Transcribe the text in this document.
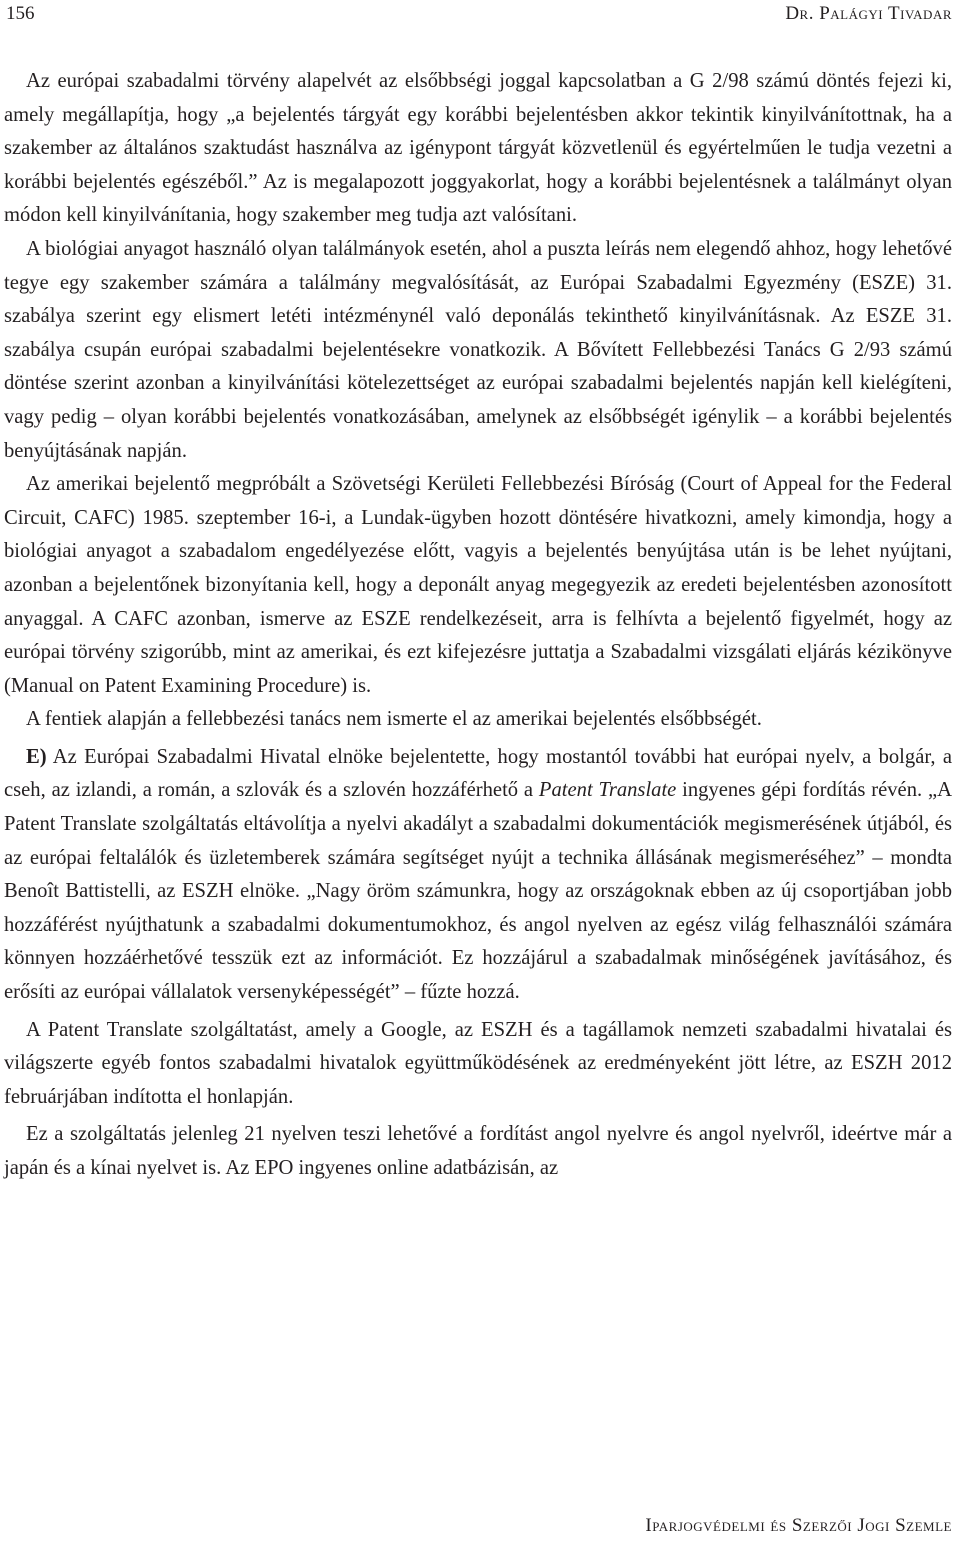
156	Dr. Palágyi Tivadar

Az európai szabadalmi törvény alapelvét az elsőbbségi joggal kapcsolatban a G 2/98 számú döntés fejezi ki, amely megállapítja, hogy „a bejelentés tárgyát egy korábbi bejelentésben akkor tekintik kinyilvánítottnak, ha a szakember az általános szaktudást használva az igénypont tárgyát közvetlenül és egyértelműen le tudja vezetni a korábbi bejelentés egészéből.” Az is megalapozott joggyakorlat, hogy a korábbi bejelentésnek a találmányt olyan módon kell kinyilvánítania, hogy szakember meg tudja azt valósítani.

A biológiai anyagot használó olyan találmányok esetén, ahol a puszta leírás nem elegendő ahhoz, hogy lehetővé tegye egy szakember számára a találmány megvalósítását, az Európai Szabadalmi Egyezmény (ESZE) 31. szabálya szerint egy elismert letéti intézménynél való deponálás tekinthető kinyilvánításnak. Az ESZE 31. szabálya csupán európai szabadalmi bejelentésekre vonatkozik. A Bővített Fellebbezési Tanács G 2/93 számú döntése szerint azonban a kinyilvánítási kötelezettséget az európai szabadalmi bejelentés napján kell kielégíteni, vagy pedig – olyan korábbi bejelentés vonatkozásában, amelynek az elsőbbségét igénylik – a korábbi bejelentés benyújtásának napján.

Az amerikai bejelentő megpróbált a Szövetségi Kerületi Fellebbezési Bíróság (Court of Appeal for the Federal Circuit, CAFC) 1985. szeptember 16-i, a Lundak-ügyben hozott döntésére hivatkozni, amely kimondja, hogy a biológiai anyagot a szabadalom engedélyezése előtt, vagyis a bejelentés benyújtása után is be lehet nyújtani, azonban a bejelentőnek bizonyítania kell, hogy a deponált anyag megegyezik az eredeti bejelentésben azonosított anyaggal. A CAFC azonban, ismerve az ESZE rendelkezéseit, arra is felhívta a bejelentő figyelmét, hogy az európai törvény szigorúbb, mint az amerikai, és ezt kifejezésre juttatja a Szabadalmi vizsgálati eljárás kézikönyve (Manual on Patent Examining Procedure) is.

A fentiek alapján a fellebbezési tanács nem ismerte el az amerikai bejelentés elsőbbségét.

E) Az Európai Szabadalmi Hivatal elnöke bejelentette, hogy mostantól további hat európai nyelv, a bolgár, a cseh, az izlandi, a román, a szlovák és a szlovén hozzáférhető a Patent Translate ingyenes gépi fordítás révén. „A Patent Translate szolgáltatás eltávolítja a nyelvi akadályt a szabadalmi dokumentációk megismerésének útjából, és az európai feltalálók és üzletemberek számára segítséget nyújt a technika állásának megismeréséhez” – mondta Benoît Battistelli, az ESZH elnöke. „Nagy öröm számunkra, hogy az országoknak ebben az új csoportjában jobb hozzáférést nyújthatunk a szabadalmi dokumentumokhoz, és angol nyelven az egész világ felhasználói számára könnyen hozzáérhetővé tesszük ezt az információt. Ez hozzájárul a szabadalmak minőségének javításához, és erősíti az európai vállalatok versenyképességét” – fűzte hozzá.

A Patent Translate szolgáltatást, amely a Google, az ESZH és a tagállamok nemzeti szabadalmi hivatalai és világszerte egyéb fontos szabadalmi hivatalok együttműködésének az eredményeként jött létre, az ESZH 2012 februárjában indította el honlapján.

Ez a szolgáltatás jelenleg 21 nyelven teszi lehetővé a fordítást angol nyelvre és angol nyelvről, ideértve már a japán és a kínai nyelvet is. Az EPO ingyenes online adatbázisán, az

Iparjogvédelmi és Szerzői Jogi Szemle
